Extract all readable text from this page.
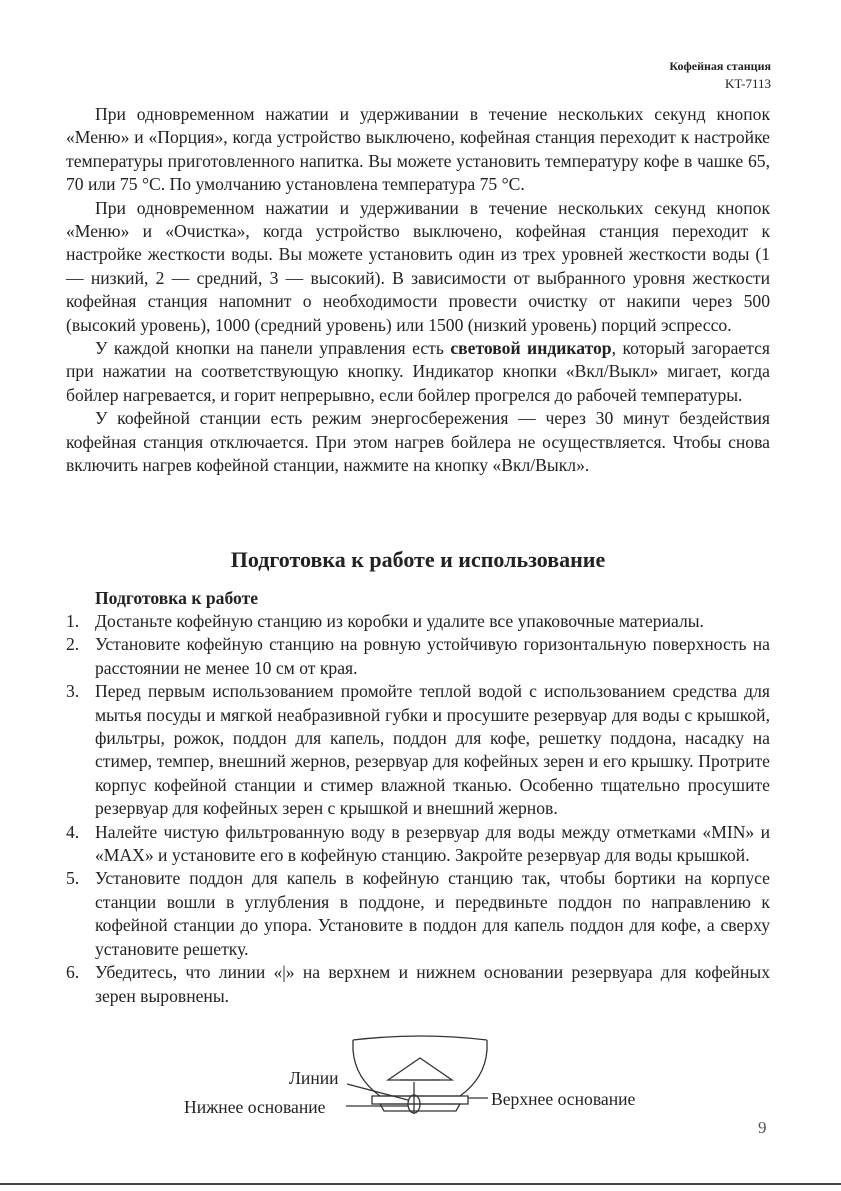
Кофейная станция
KT-7113

При одновременном нажатии и удерживании в течение нескольких секунд кнопок «Меню» и «Порция», когда устройство выключено, кофейная станция переходит к настройке температуры приготовленного напитка. Вы можете установить температуру кофе в чашке 65, 70 или 75 °С. По умолчанию установлена температура 75 °С.

При одновременном нажатии и удерживании в течение нескольких секунд кнопок «Меню» и «Очистка», когда устройство выключено, кофейная станция переходит к настройке жесткости воды. Вы можете установить один из трех уровней жесткости воды (1 — низкий, 2 — средний, 3 — высокий). В зависимости от выбранного уровня жесткости кофейная станция напомнит о необходимости провести очистку от накипи через 500 (высокий уровень), 1000 (средний уровень) или 1500 (низкий уровень) порций эспрессо.

У каждой кнопки на панели управления есть световой индикатор, который загорается при нажатии на соответствующую кнопку. Индикатор кнопки «Вкл/Выкл» мигает, когда бойлер нагревается, и горит непрерывно, если бойлер прогрелся до рабочей температуры.

У кофейной станции есть режим энергосбережения — через 30 минут бездействия кофейная станция отключается. При этом нагрев бойлера не осуществляется. Чтобы снова включить нагрев кофейной станции, нажмите на кнопку «Вкл/Выкл».

Подготовка к работе и использование
Подготовка к работе
1. Достаньте кофейную станцию из коробки и удалите все упаковочные материалы.
2. Установите кофейную станцию на ровную устойчивую горизонтальную поверхность на расстоянии не менее 10 см от края.
3. Перед первым использованием промойте теплой водой с использованием средства для мытья посуды и мягкой неабразивной губки и просушите резервуар для воды с крышкой, фильтры, рожок, поддон для капель, поддон для кофе, решетку поддона, насадку на стимер, темпер, внешний жернов, резервуар для кофейных зерен и его крышку. Протрите корпус кофейной станции и стимер влажной тканью. Особенно тщательно просушите резервуар для кофейных зерен с крышкой и внешний жернов.
4. Налейте чистую фильтрованную воду в резервуар для воды между отметками «MIN» и «MAX» и установите его в кофейную станцию. Закройте резервуар для воды крышкой.
5. Установите поддон для капель в кофейную станцию так, чтобы бортики на корпусе станции вошли в углубления в поддоне, и передвиньте поддон по направлению к кофейной станции до упора. Установите в поддон для капель поддон для кофе, а сверху установите решетку.
6. Убедитесь, что линии «|» на верхнем и нижнем основании резервуара для кофейных зерен выровнены.
Линии
Нижнее основание	Верхнее основание
9
